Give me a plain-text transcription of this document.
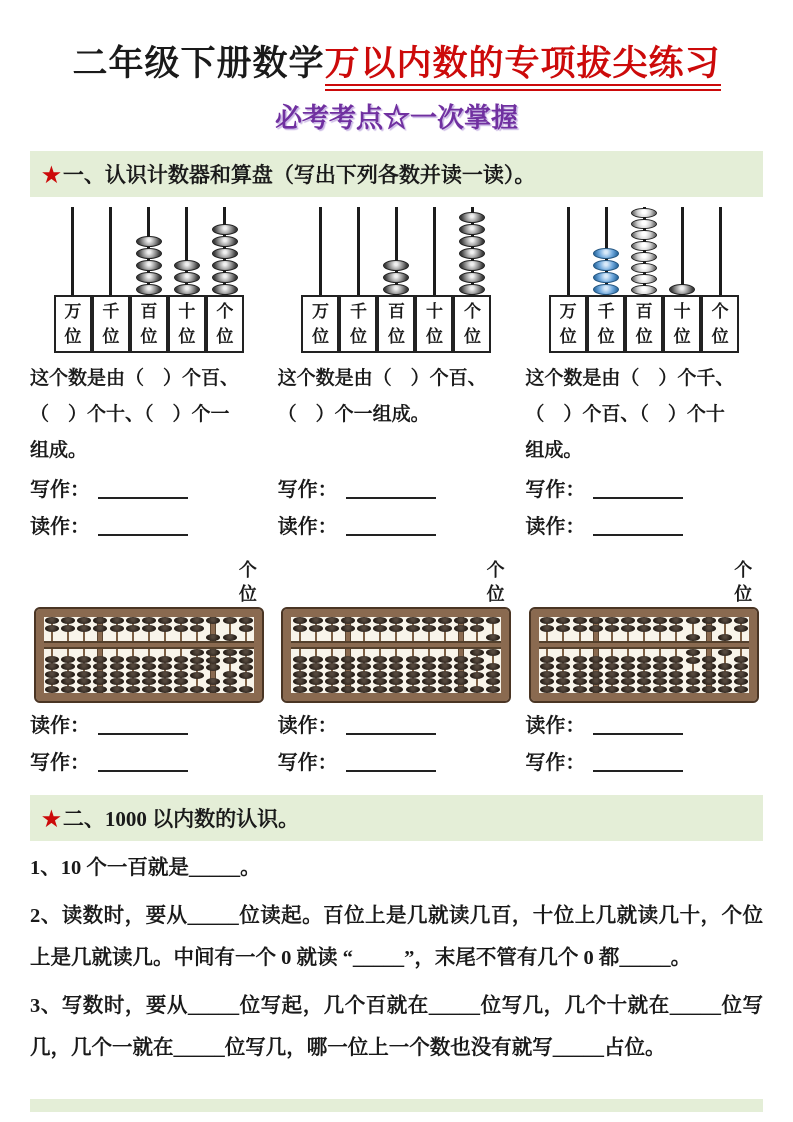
二年级下册数学万以内数的专项拔尖练习
必考考点☆一次掌握
★一、认识计数器和算盘（写出下列各数并读一读）。
万位
千位
百位
十位
个位
这个数是由（　）个百、
（　）个十、（　）个一
组成。
写作：
读作：
万位
千位
百位
十位
个位
这个数是由（　）个百、
（　）个一组成。
写作：
读作：
万位
千位
百位
十位
个位
这个数是由（　）个千、
（　）个百、（　）个十
组成。
写作：
读作：
个位
读作：
写作：
个位
读作：
写作：
个位
读作：
写作：
★二、1000 以内数的认识。
1、10 个一百就是_____。
2、读数时，要从_____位读起。百位上是几就读几百，十位上几就读几十，个位上是几就读几。中间有一个 0 就读 “_____”，末尾不管有几个 0 都_____。
3、写数时，要从_____位写起，几个百就在_____位写几，几个十就在_____位写几，几个一就在_____位写几，哪一位上一个数也没有就写_____占位。
